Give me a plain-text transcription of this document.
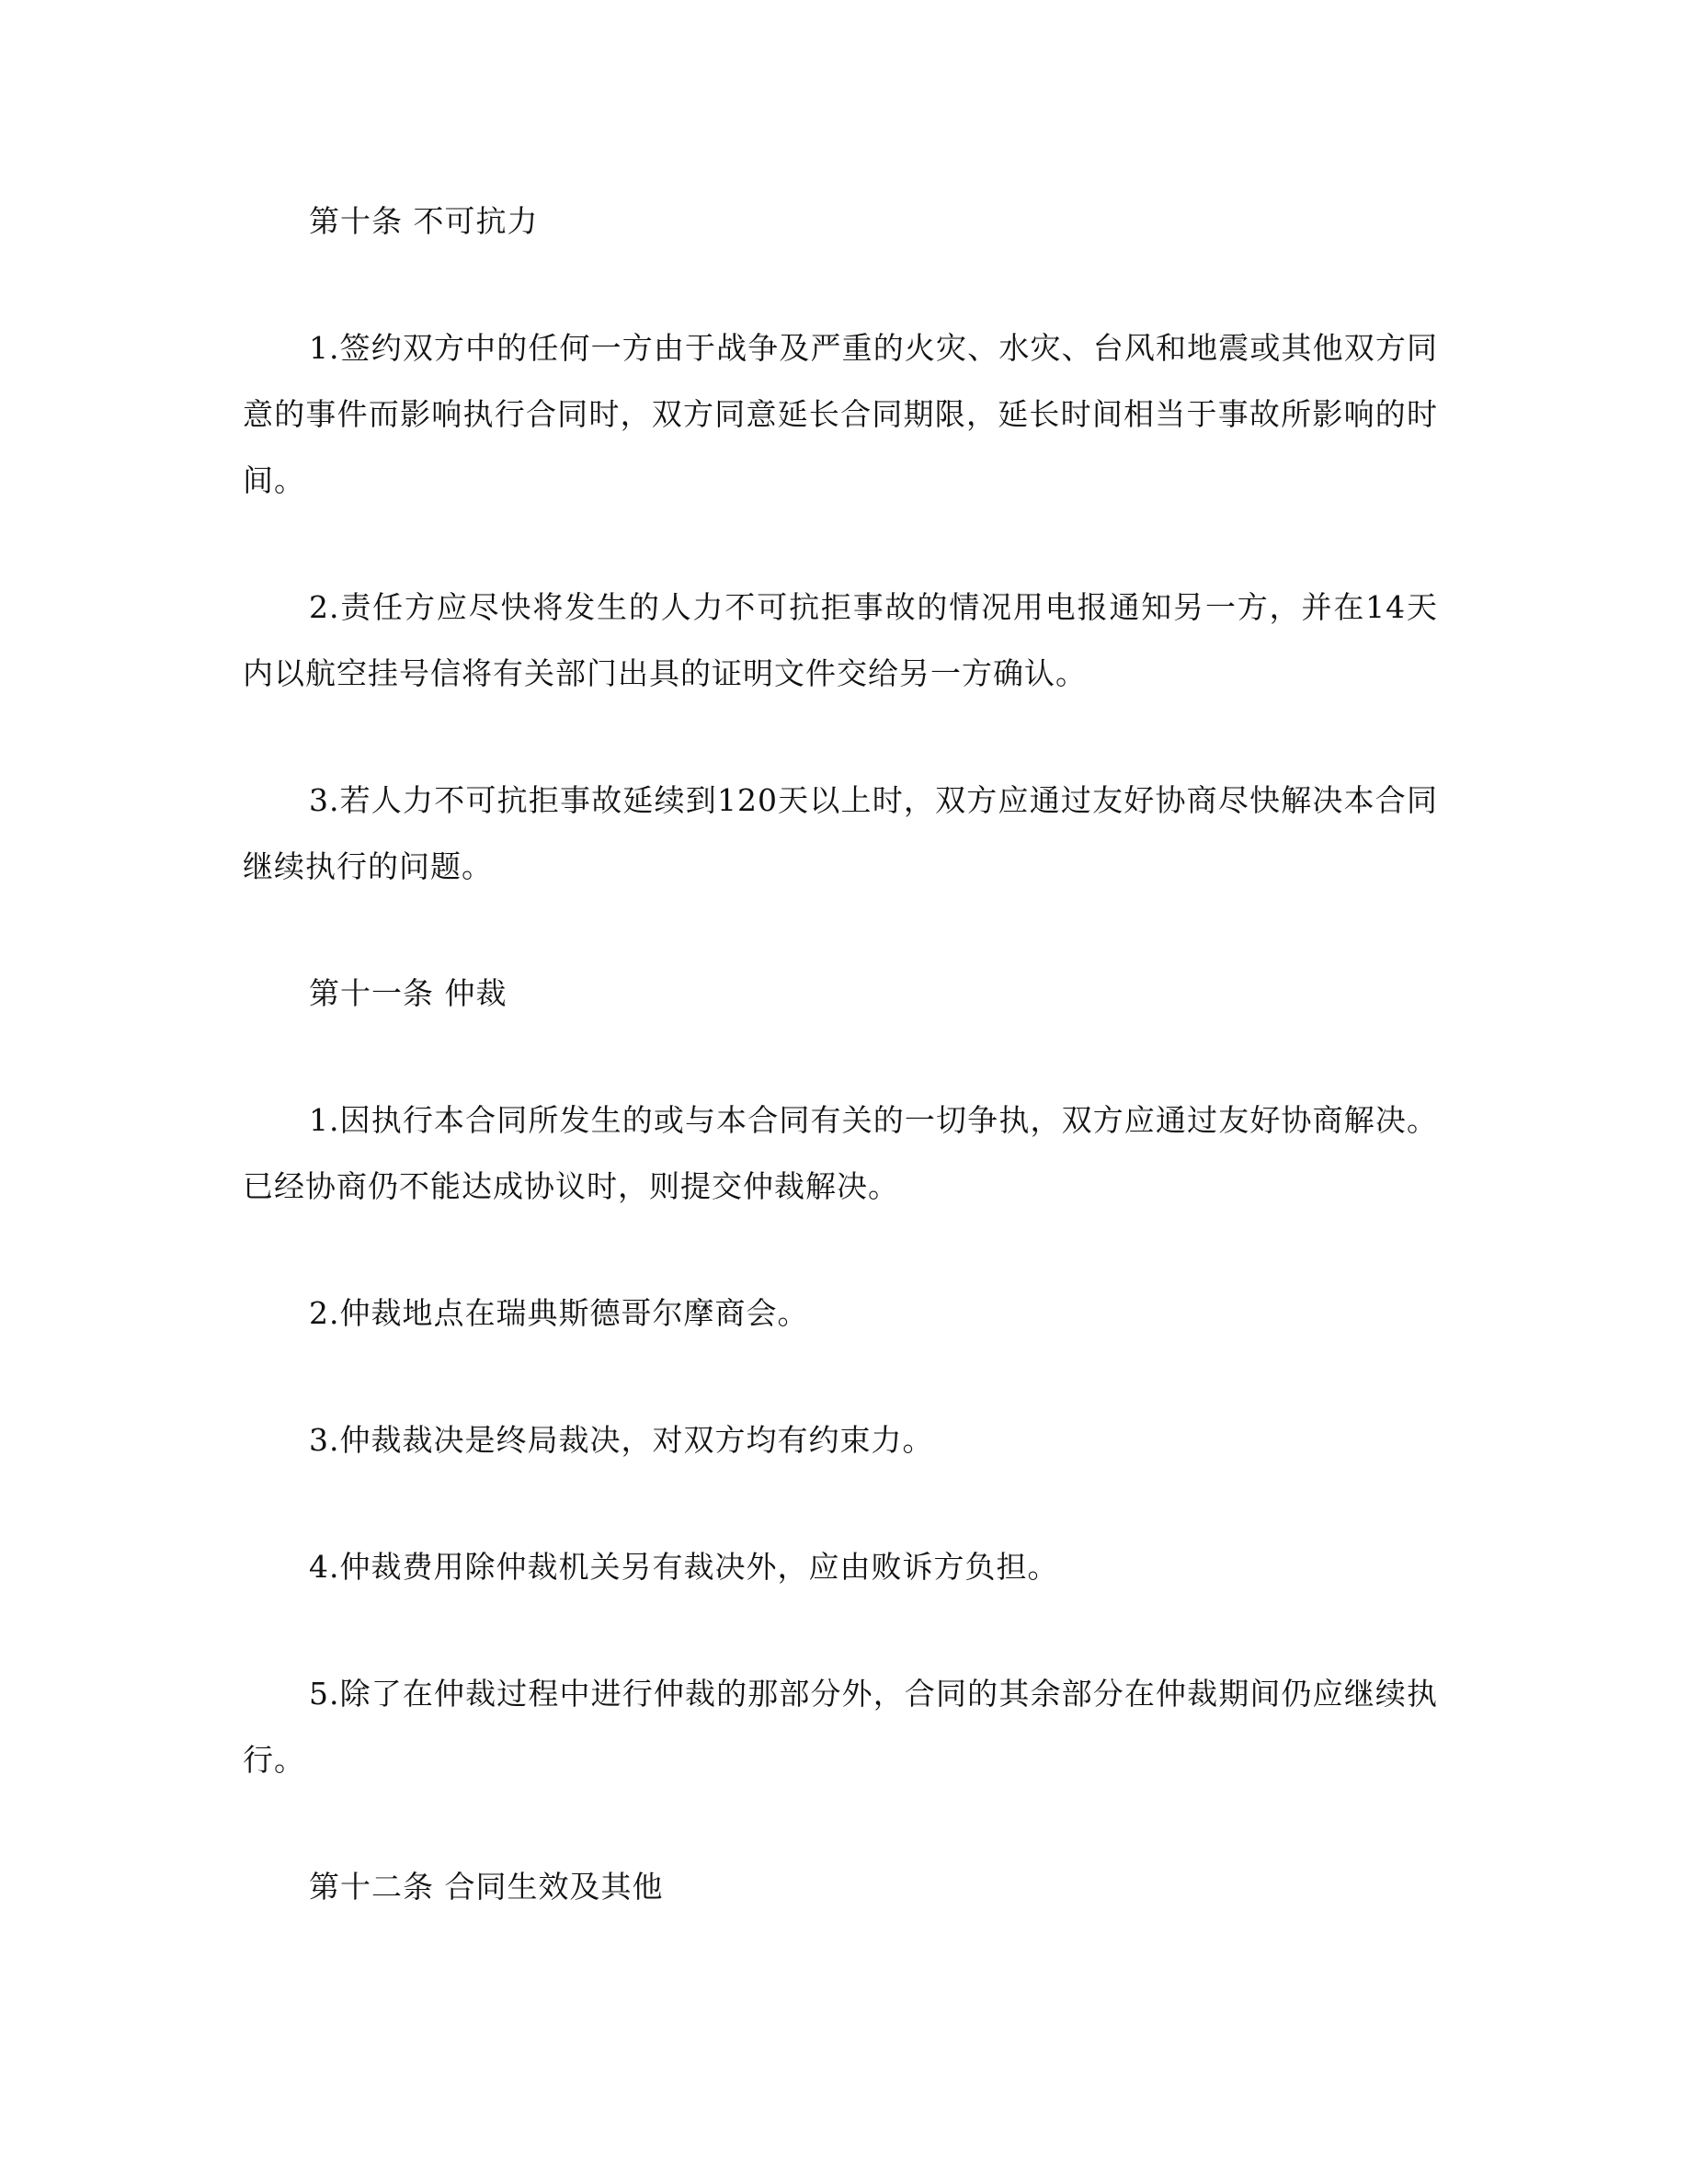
第十条 不可抗力

1.签约双方中的任何一方由于战争及严重的火灾、水灾、台风和地震或其他双方同意的事件而影响执行合同时，双方同意延长合同期限，延长时间相当于事故所影响的时间。

2.责任方应尽快将发生的人力不可抗拒事故的情况用电报通知另一方，并在14天内以航空挂号信将有关部门出具的证明文件交给另一方确认。

3.若人力不可抗拒事故延续到120天以上时，双方应通过友好协商尽快解决本合同继续执行的问题。

第十一条 仲裁

1.因执行本合同所发生的或与本合同有关的一切争执，双方应通过友好协商解决。已经协商仍不能达成协议时，则提交仲裁解决。

2.仲裁地点在瑞典斯德哥尔摩商会。

3.仲裁裁决是终局裁决，对双方均有约束力。

4.仲裁费用除仲裁机关另有裁决外，应由败诉方负担。

5.除了在仲裁过程中进行仲裁的那部分外，合同的其余部分在仲裁期间仍应继续执行。

第十二条 合同生效及其他
